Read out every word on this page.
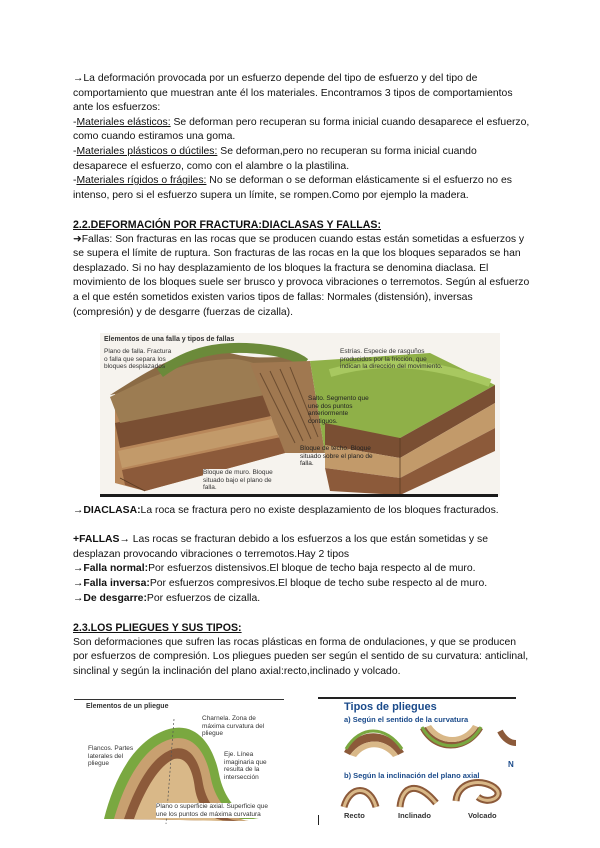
→La deformación provocada por un esfuerzo depende del tipo de esfuerzo y del tipo de comportamiento que muestran ante él los materiales. Encontramos 3 tipos de comportamientos ante los esfuerzos:

-Materiales elásticos: Se deforman pero recuperan su forma inicial cuando desaparece el esfuerzo, como cuando estiramos una goma.

-Materiales plásticos o dúctiles: Se deforman,pero no recuperan su forma inicial cuando desaparece el esfuerzo, como con el alambre o la plastilina.

-Materiales rígidos o frágiles: No se deforman o se deforman elásticamente si el esfuerzo no es intenso, pero si el esfuerzo supera un límite, se rompen.Como por ejemplo la madera.

2.2.DEFORMACIÓN POR FRACTURA:DIACLASAS Y FALLAS:

➜Fallas: Son fracturas en las rocas que se producen cuando estas están sometidas a esfuerzos y se supera el límite de ruptura. Son fracturas de las rocas en la que los bloques separados se han desplazado. Si no hay desplazamiento de los bloques la fractura se denomina diaclasa. El movimiento de los bloques suele ser brusco y provoca vibraciones o terremotos. Según al esfuerzo a el que estén sometidos existen varios tipos de fallas: Normales (distensión), inversas (compresión) y de desgarre (fuerzas de cizalla).

Elementos de una falla y tipos de fallas
Plano de falla. Fractura o falla que separa los bloques desplazados
Estrías. Especie de rasguños producidos por la fricción, que indican la dirección del movimiento.
Salto. Segmento que une dos puntos anteriormente contiguos.
Bloque de techo. Bloque situado sobre el plano de falla.
Bloque de muro. Bloque situado bajo el plano de falla.

→DIACLASA:La roca se fractura pero no existe desplazamiento de los bloques fracturados.

+FALLAS→ Las rocas se fracturan debido a los esfuerzos a los que están sometidas y se desplazan provocando vibraciones o terremotos.Hay 2 tipos

→Falla normal:Por esfuerzos distensivos.El bloque de techo baja respecto al de muro.

→Falla inversa:Por esfuerzos compresivos.El bloque de techo sube respecto al de muro.

→De desgarre:Por esfuerzos de cizalla.

2.3.LOS PLIEGUES Y SUS TIPOS:

Son deformaciones que sufren las rocas plásticas en forma de ondulaciones, y que se producen por esfuerzos de compresión. Los pliegues pueden ser según el sentido de su curvatura: anticlinal, sinclinal y según la inclinación del plano axial:recto,inclinado y volcado.

Elementos de un pliegue
Charnela. Zona de máxima curvatura del pliegue
Flancos. Partes laterales del pliegue
Eje. Línea imaginaria que resulta de la intersección
Plano o superficie axial. Superficie que une los puntos de máxima curvatura
Tipos de pliegues
a) Según el sentido de la curvatura
N
b) Según la inclinación del plano axial
Recto	Inclinado	Volcado
